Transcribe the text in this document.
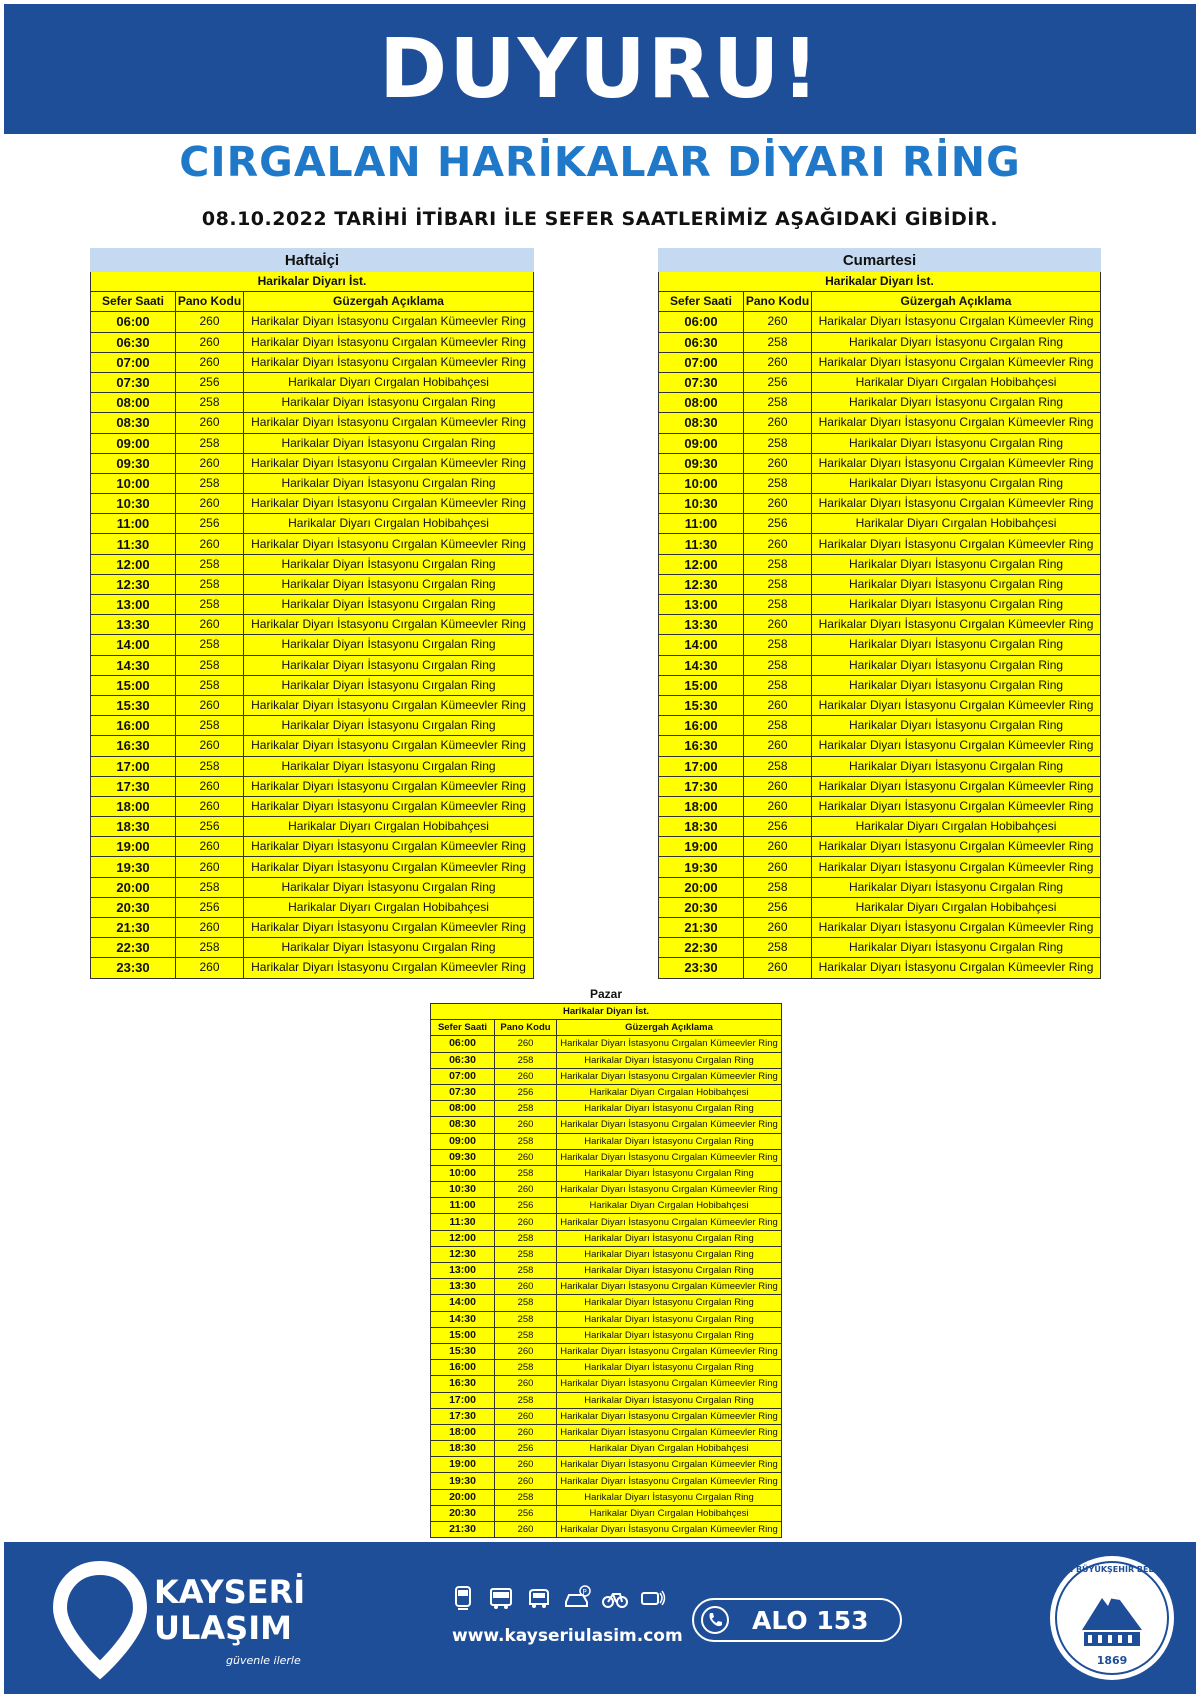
DUYURU!
CIRGALAN HARİKALAR DİYARI RİNG
08.10.2022 TARİHİ İTİBARI İLE SEFER SAATLERİMİZ AŞAĞIDAKİ GİBİDİR.
Haftaİçi		
Harikalar Diyarı İst.		
Sefer Saati	Pano Kodu	Güzergah Açıklama
06:00	260	Harikalar Diyarı İstasyonu Cırgalan Kümeevler Ring
06:30	260	Harikalar Diyarı İstasyonu Cırgalan Kümeevler Ring
07:00	260	Harikalar Diyarı İstasyonu Cırgalan Kümeevler Ring
07:30	256	Harikalar Diyarı Cırgalan Hobibahçesi
08:00	258	Harikalar Diyarı İstasyonu Cırgalan Ring
08:30	260	Harikalar Diyarı İstasyonu Cırgalan Kümeevler Ring
09:00	258	Harikalar Diyarı İstasyonu Cırgalan Ring
09:30	260	Harikalar Diyarı İstasyonu Cırgalan Kümeevler Ring
10:00	258	Harikalar Diyarı İstasyonu Cırgalan Ring
10:30	260	Harikalar Diyarı İstasyonu Cırgalan Kümeevler Ring
11:00	256	Harikalar Diyarı Cırgalan Hobibahçesi
11:30	260	Harikalar Diyarı İstasyonu Cırgalan Kümeevler Ring
12:00	258	Harikalar Diyarı İstasyonu Cırgalan Ring
12:30	258	Harikalar Diyarı İstasyonu Cırgalan Ring
13:00	258	Harikalar Diyarı İstasyonu Cırgalan Ring
13:30	260	Harikalar Diyarı İstasyonu Cırgalan Kümeevler Ring
14:00	258	Harikalar Diyarı İstasyonu Cırgalan Ring
14:30	258	Harikalar Diyarı İstasyonu Cırgalan Ring
15:00	258	Harikalar Diyarı İstasyonu Cırgalan Ring
15:30	260	Harikalar Diyarı İstasyonu Cırgalan Kümeevler Ring
16:00	258	Harikalar Diyarı İstasyonu Cırgalan Ring
16:30	260	Harikalar Diyarı İstasyonu Cırgalan Kümeevler Ring
17:00	258	Harikalar Diyarı İstasyonu Cırgalan Ring
17:30	260	Harikalar Diyarı İstasyonu Cırgalan Kümeevler Ring
18:00	260	Harikalar Diyarı İstasyonu Cırgalan Kümeevler Ring
18:30	256	Harikalar Diyarı Cırgalan Hobibahçesi
19:00	260	Harikalar Diyarı İstasyonu Cırgalan Kümeevler Ring
19:30	260	Harikalar Diyarı İstasyonu Cırgalan Kümeevler Ring
20:00	258	Harikalar Diyarı İstasyonu Cırgalan Ring
20:30	256	Harikalar Diyarı Cırgalan Hobibahçesi
21:30	260	Harikalar Diyarı İstasyonu Cırgalan Kümeevler Ring
22:30	258	Harikalar Diyarı İstasyonu Cırgalan Ring
23:30	260	Harikalar Diyarı İstasyonu Cırgalan Kümeevler Ring
Cumartesi		
Harikalar Diyarı İst.		
Sefer Saati	Pano Kodu	Güzergah Açıklama
06:00	260	Harikalar Diyarı İstasyonu Cırgalan Kümeevler Ring
06:30	258	Harikalar Diyarı İstasyonu Cırgalan Ring
07:00	260	Harikalar Diyarı İstasyonu Cırgalan Kümeevler Ring
07:30	256	Harikalar Diyarı Cırgalan Hobibahçesi
08:00	258	Harikalar Diyarı İstasyonu Cırgalan Ring
08:30	260	Harikalar Diyarı İstasyonu Cırgalan Kümeevler Ring
09:00	258	Harikalar Diyarı İstasyonu Cırgalan Ring
09:30	260	Harikalar Diyarı İstasyonu Cırgalan Kümeevler Ring
10:00	258	Harikalar Diyarı İstasyonu Cırgalan Ring
10:30	260	Harikalar Diyarı İstasyonu Cırgalan Kümeevler Ring
11:00	256	Harikalar Diyarı Cırgalan Hobibahçesi
11:30	260	Harikalar Diyarı İstasyonu Cırgalan Kümeevler Ring
12:00	258	Harikalar Diyarı İstasyonu Cırgalan Ring
12:30	258	Harikalar Diyarı İstasyonu Cırgalan Ring
13:00	258	Harikalar Diyarı İstasyonu Cırgalan Ring
13:30	260	Harikalar Diyarı İstasyonu Cırgalan Kümeevler Ring
14:00	258	Harikalar Diyarı İstasyonu Cırgalan Ring
14:30	258	Harikalar Diyarı İstasyonu Cırgalan Ring
15:00	258	Harikalar Diyarı İstasyonu Cırgalan Ring
15:30	260	Harikalar Diyarı İstasyonu Cırgalan Kümeevler Ring
16:00	258	Harikalar Diyarı İstasyonu Cırgalan Ring
16:30	260	Harikalar Diyarı İstasyonu Cırgalan Kümeevler Ring
17:00	258	Harikalar Diyarı İstasyonu Cırgalan Ring
17:30	260	Harikalar Diyarı İstasyonu Cırgalan Kümeevler Ring
18:00	260	Harikalar Diyarı İstasyonu Cırgalan Kümeevler Ring
18:30	256	Harikalar Diyarı Cırgalan Hobibahçesi
19:00	260	Harikalar Diyarı İstasyonu Cırgalan Kümeevler Ring
19:30	260	Harikalar Diyarı İstasyonu Cırgalan Kümeevler Ring
20:00	258	Harikalar Diyarı İstasyonu Cırgalan Ring
20:30	256	Harikalar Diyarı Cırgalan Hobibahçesi
21:30	260	Harikalar Diyarı İstasyonu Cırgalan Kümeevler Ring
22:30	258	Harikalar Diyarı İstasyonu Cırgalan Ring
23:30	260	Harikalar Diyarı İstasyonu Cırgalan Kümeevler Ring
Pazar		
Harikalar Diyarı İst.		
Sefer Saati	Pano Kodu	Güzergah Açıklama
06:00	260	Harikalar Diyarı İstasyonu Cırgalan Kümeevler Ring
06:30	258	Harikalar Diyarı İstasyonu Cırgalan Ring
07:00	260	Harikalar Diyarı İstasyonu Cırgalan Kümeevler Ring
07:30	256	Harikalar Diyarı Cırgalan Hobibahçesi
08:00	258	Harikalar Diyarı İstasyonu Cırgalan Ring
08:30	260	Harikalar Diyarı İstasyonu Cırgalan Kümeevler Ring
09:00	258	Harikalar Diyarı İstasyonu Cırgalan Ring
09:30	260	Harikalar Diyarı İstasyonu Cırgalan Kümeevler Ring
10:00	258	Harikalar Diyarı İstasyonu Cırgalan Ring
10:30	260	Harikalar Diyarı İstasyonu Cırgalan Kümeevler Ring
11:00	256	Harikalar Diyarı Cırgalan Hobibahçesi
11:30	260	Harikalar Diyarı İstasyonu Cırgalan Kümeevler Ring
12:00	258	Harikalar Diyarı İstasyonu Cırgalan Ring
12:30	258	Harikalar Diyarı İstasyonu Cırgalan Ring
13:00	258	Harikalar Diyarı İstasyonu Cırgalan Ring
13:30	260	Harikalar Diyarı İstasyonu Cırgalan Kümeevler Ring
14:00	258	Harikalar Diyarı İstasyonu Cırgalan Ring
14:30	258	Harikalar Diyarı İstasyonu Cırgalan Ring
15:00	258	Harikalar Diyarı İstasyonu Cırgalan Ring
15:30	260	Harikalar Diyarı İstasyonu Cırgalan Kümeevler Ring
16:00	258	Harikalar Diyarı İstasyonu Cırgalan Ring
16:30	260	Harikalar Diyarı İstasyonu Cırgalan Kümeevler Ring
17:00	258	Harikalar Diyarı İstasyonu Cırgalan Ring
17:30	260	Harikalar Diyarı İstasyonu Cırgalan Kümeevler Ring
18:00	260	Harikalar Diyarı İstasyonu Cırgalan Kümeevler Ring
18:30	256	Harikalar Diyarı Cırgalan Hobibahçesi
19:00	260	Harikalar Diyarı İstasyonu Cırgalan Kümeevler Ring
19:30	260	Harikalar Diyarı İstasyonu Cırgalan Kümeevler Ring
20:00	258	Harikalar Diyarı İstasyonu Cırgalan Ring
20:30	256	Harikalar Diyarı Cırgalan Hobibahçesi
21:30	260	Harikalar Diyarı İstasyonu Cırgalan Kümeevler Ring
KAYSERİ
ULAŞIM
güvenle ilerle
P
www.kayseriulasim.com
ALO 153
KAYSERİ BÜYÜKŞEHİR BELEDİYESİ
1869
